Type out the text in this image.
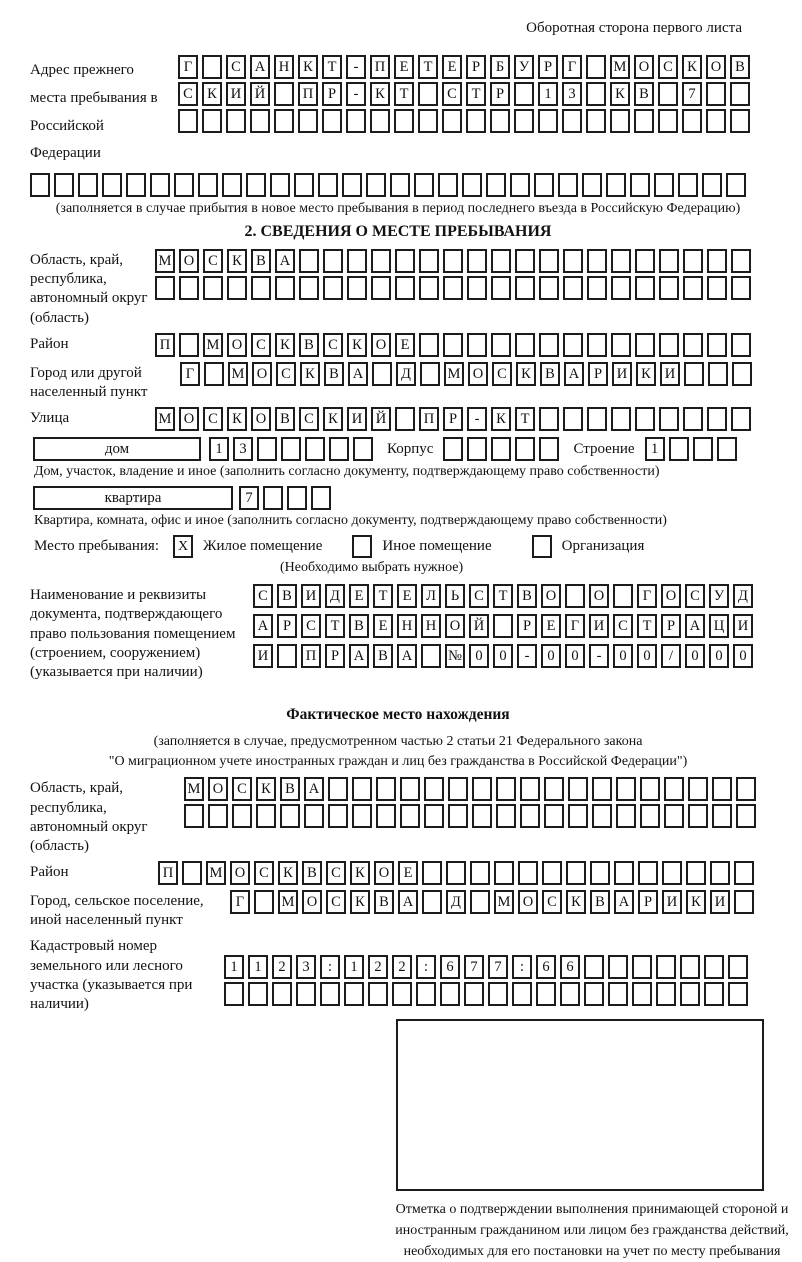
Оборотная сторона первого листа
Адрес прежнего места пребывания в Российской Федерации
Г	С А Н К	Т	-	П Е	Т	Е	Р	Б	У	Р	Г	М О С К О В
С К И Й	П	Р	-	К	Т	С	Т	Р	1	3	К В	7
(заполняется в случае прибытия в новое место пребывания в период последнего въезда в Российскую Федерацию)
2. СВЕДЕНИЯ О МЕСТЕ ПРЕБЫВАНИЯ
Область, край, республика, автономный округ (область)
М О С К В А
Район	П	М О С К В С К О Е
Город или другой населенный пункт
Г	М О С К В А	Д	М О С К В А	Р	И К И
Улица	М О С К О В С К И Й	П	Р	-	К	Т
дом	1	3	Корпус	Строение	1
Дом, участок, владение и иное (заполнить согласно документу, подтверждающему право собственности)
квартира	7
Квартира, комната, офис и иное (заполнить согласно документу, подтверждающему право собственности)
Место пребывания:	X Жилое помещение	Иное помещение	Организация
(Необходимо выбрать нужное)
Наименование и реквизиты документа, подтверждающего право пользования помещением (строением, сооружением) (указывается при наличии)
С В И Д	Е	Т	Е	Л	Ь	С	Т	В О	О	Г	О С У Д
А	Р	С	Т	В	Е Н Н О Й	Р	Е	Г	И С	Т	Р	А Ц И
И	П	Р	А В А	№ 0	0	-	0	0	-	0	0	/	0	0	0
Фактическое место нахождения
(заполняется в случае, предусмотренном частью 2 статьи 21 Федерального закона
"О миграционном учете иностранных граждан и лиц без гражданства в Российской Федерации")
Область, край, республика, автономный округ (область)
М О С К В А
Район	П	М О С К В С К О Е
Город, сельское поселение, иной населенный пункт
Г	М О С К В А	Д	М О С К В А	Р	И К И
Кадастровый номер земельного или лесного участка (указывается при наличии)
1	1	2	3	:	1	2	2	:	6	7	7	:	6	6
Отметка о подтверждении выполнения принимающей стороной и иностранным гражданином или лицом без гражданства действий, необходимых для его постановки на учет по месту пребывания
